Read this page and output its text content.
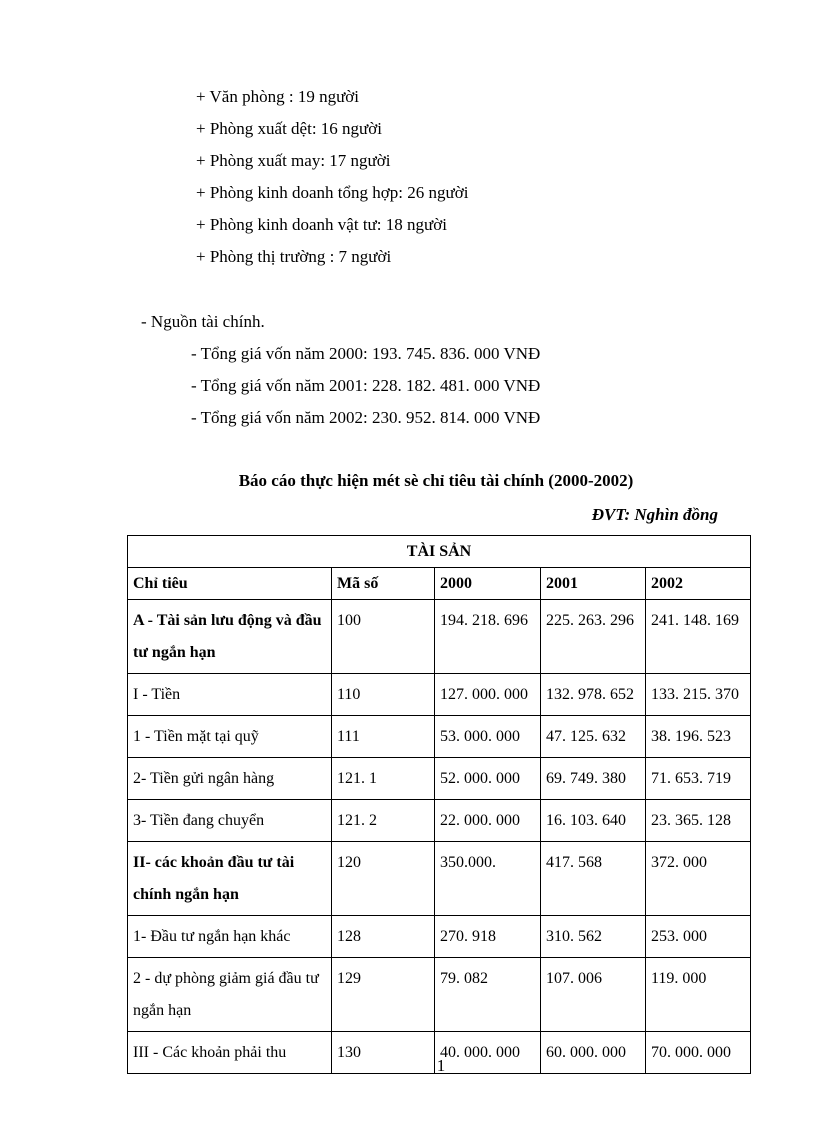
+ Văn phòng : 19 người
+ Phòng xuất dệt: 16 người
+ Phòng xuất may: 17 người
+ Phòng kinh doanh tổng hợp: 26 người
+ Phòng kinh doanh vật tư: 18 người
+ Phòng thị trường : 7 người
- Nguồn tài chính.
- Tổng giá vốn năm 2000: 193. 745. 836. 000 VNĐ
- Tổng giá vốn năm 2001: 228. 182. 481. 000 VNĐ
- Tổng giá vốn năm 2002: 230. 952. 814. 000 VNĐ
Báo cáo thực hiện mét sè chỉ tiêu tài chính (2000-2002)
ĐVT: Nghìn đồng
TÀI SẢN				
Chỉ tiêu	Mã số	2000	2001	2002
A - Tài sản lưu động và đầu tư ngắn hạn	100	194. 218. 696	225. 263. 296	241. 148. 169
I - Tiền	110	127. 000. 000	132. 978. 652	133. 215. 370
1 - Tiền mặt tại quỹ	111	53. 000. 000	47. 125. 632	38. 196. 523
2- Tiền gửi ngân hàng	121. 1	52. 000. 000	69. 749. 380	71. 653. 719
3- Tiền đang chuyển	121. 2	22. 000. 000	16. 103. 640	23. 365. 128
II- các khoản đầu tư tài chính ngắn hạn	120	350.000.	417. 568	372. 000
1- Đầu tư ngắn hạn khác	128	270. 918	310. 562	253. 000
2 - dự phòng giảm giá đầu tư ngắn hạn	129	79. 082	107. 006	119. 000
III - Các khoản phải thu	130	40. 000. 000	60. 000. 000	70. 000. 000
1
